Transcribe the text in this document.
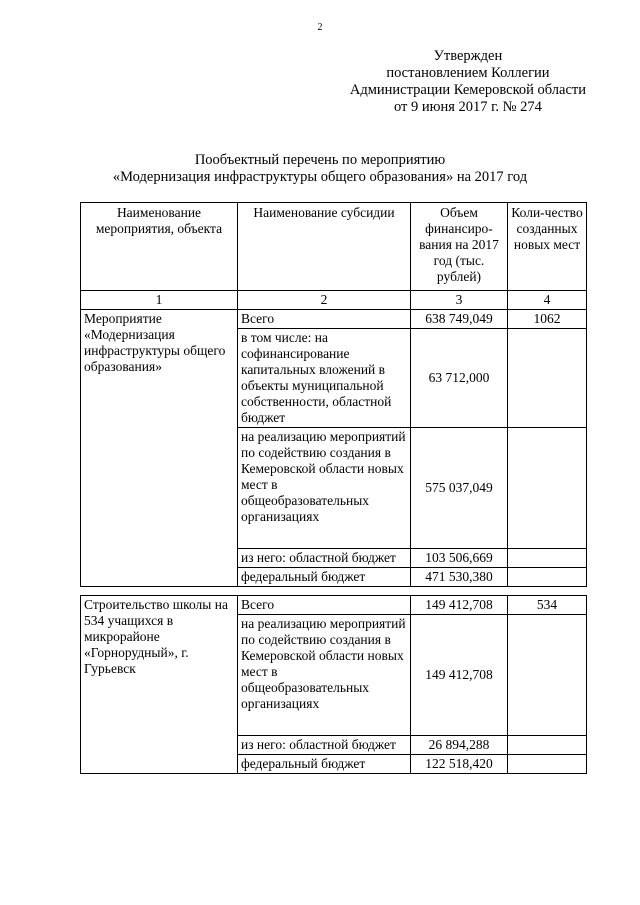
2
Утвержден
постановлением Коллегии
Администрации Кемеровской области
от 9 июня 2017 г. № 274
Пообъектный перечень по мероприятию
«Модернизация инфраструктуры общего образования» на 2017 год
Наименование мероприятия, объекта	Наименование субсидии	Объем финансиро-вания на 2017 год (тыс. рублей)	Коли-чество созданных новых мест
1	2	3	4
Мероприятие «Модернизация инфраструктуры общего образования»	Всего	638 749,049	1062
	в том числе: на софинансирование капитальных вложений в объекты муниципальной собственности, областной бюджет	63 712,000	
	на реализацию мероприятий по содействию создания в Кемеровской области новых мест в общеобразовательных организациях	575 037,049	
	из него: областной бюджет	103 506,669	
	федеральный бюджет	471 530,380	

Строительство школы на 534 учащихся в микрорайоне «Горнорудный», г. Гурьевск	Всего	149 412,708	534
	на реализацию мероприятий по содействию создания в Кемеровской области новых мест в общеобразовательных организациях	149 412,708	
	из него: областной бюджет	26 894,288	
	федеральный бюджет	122 518,420	
